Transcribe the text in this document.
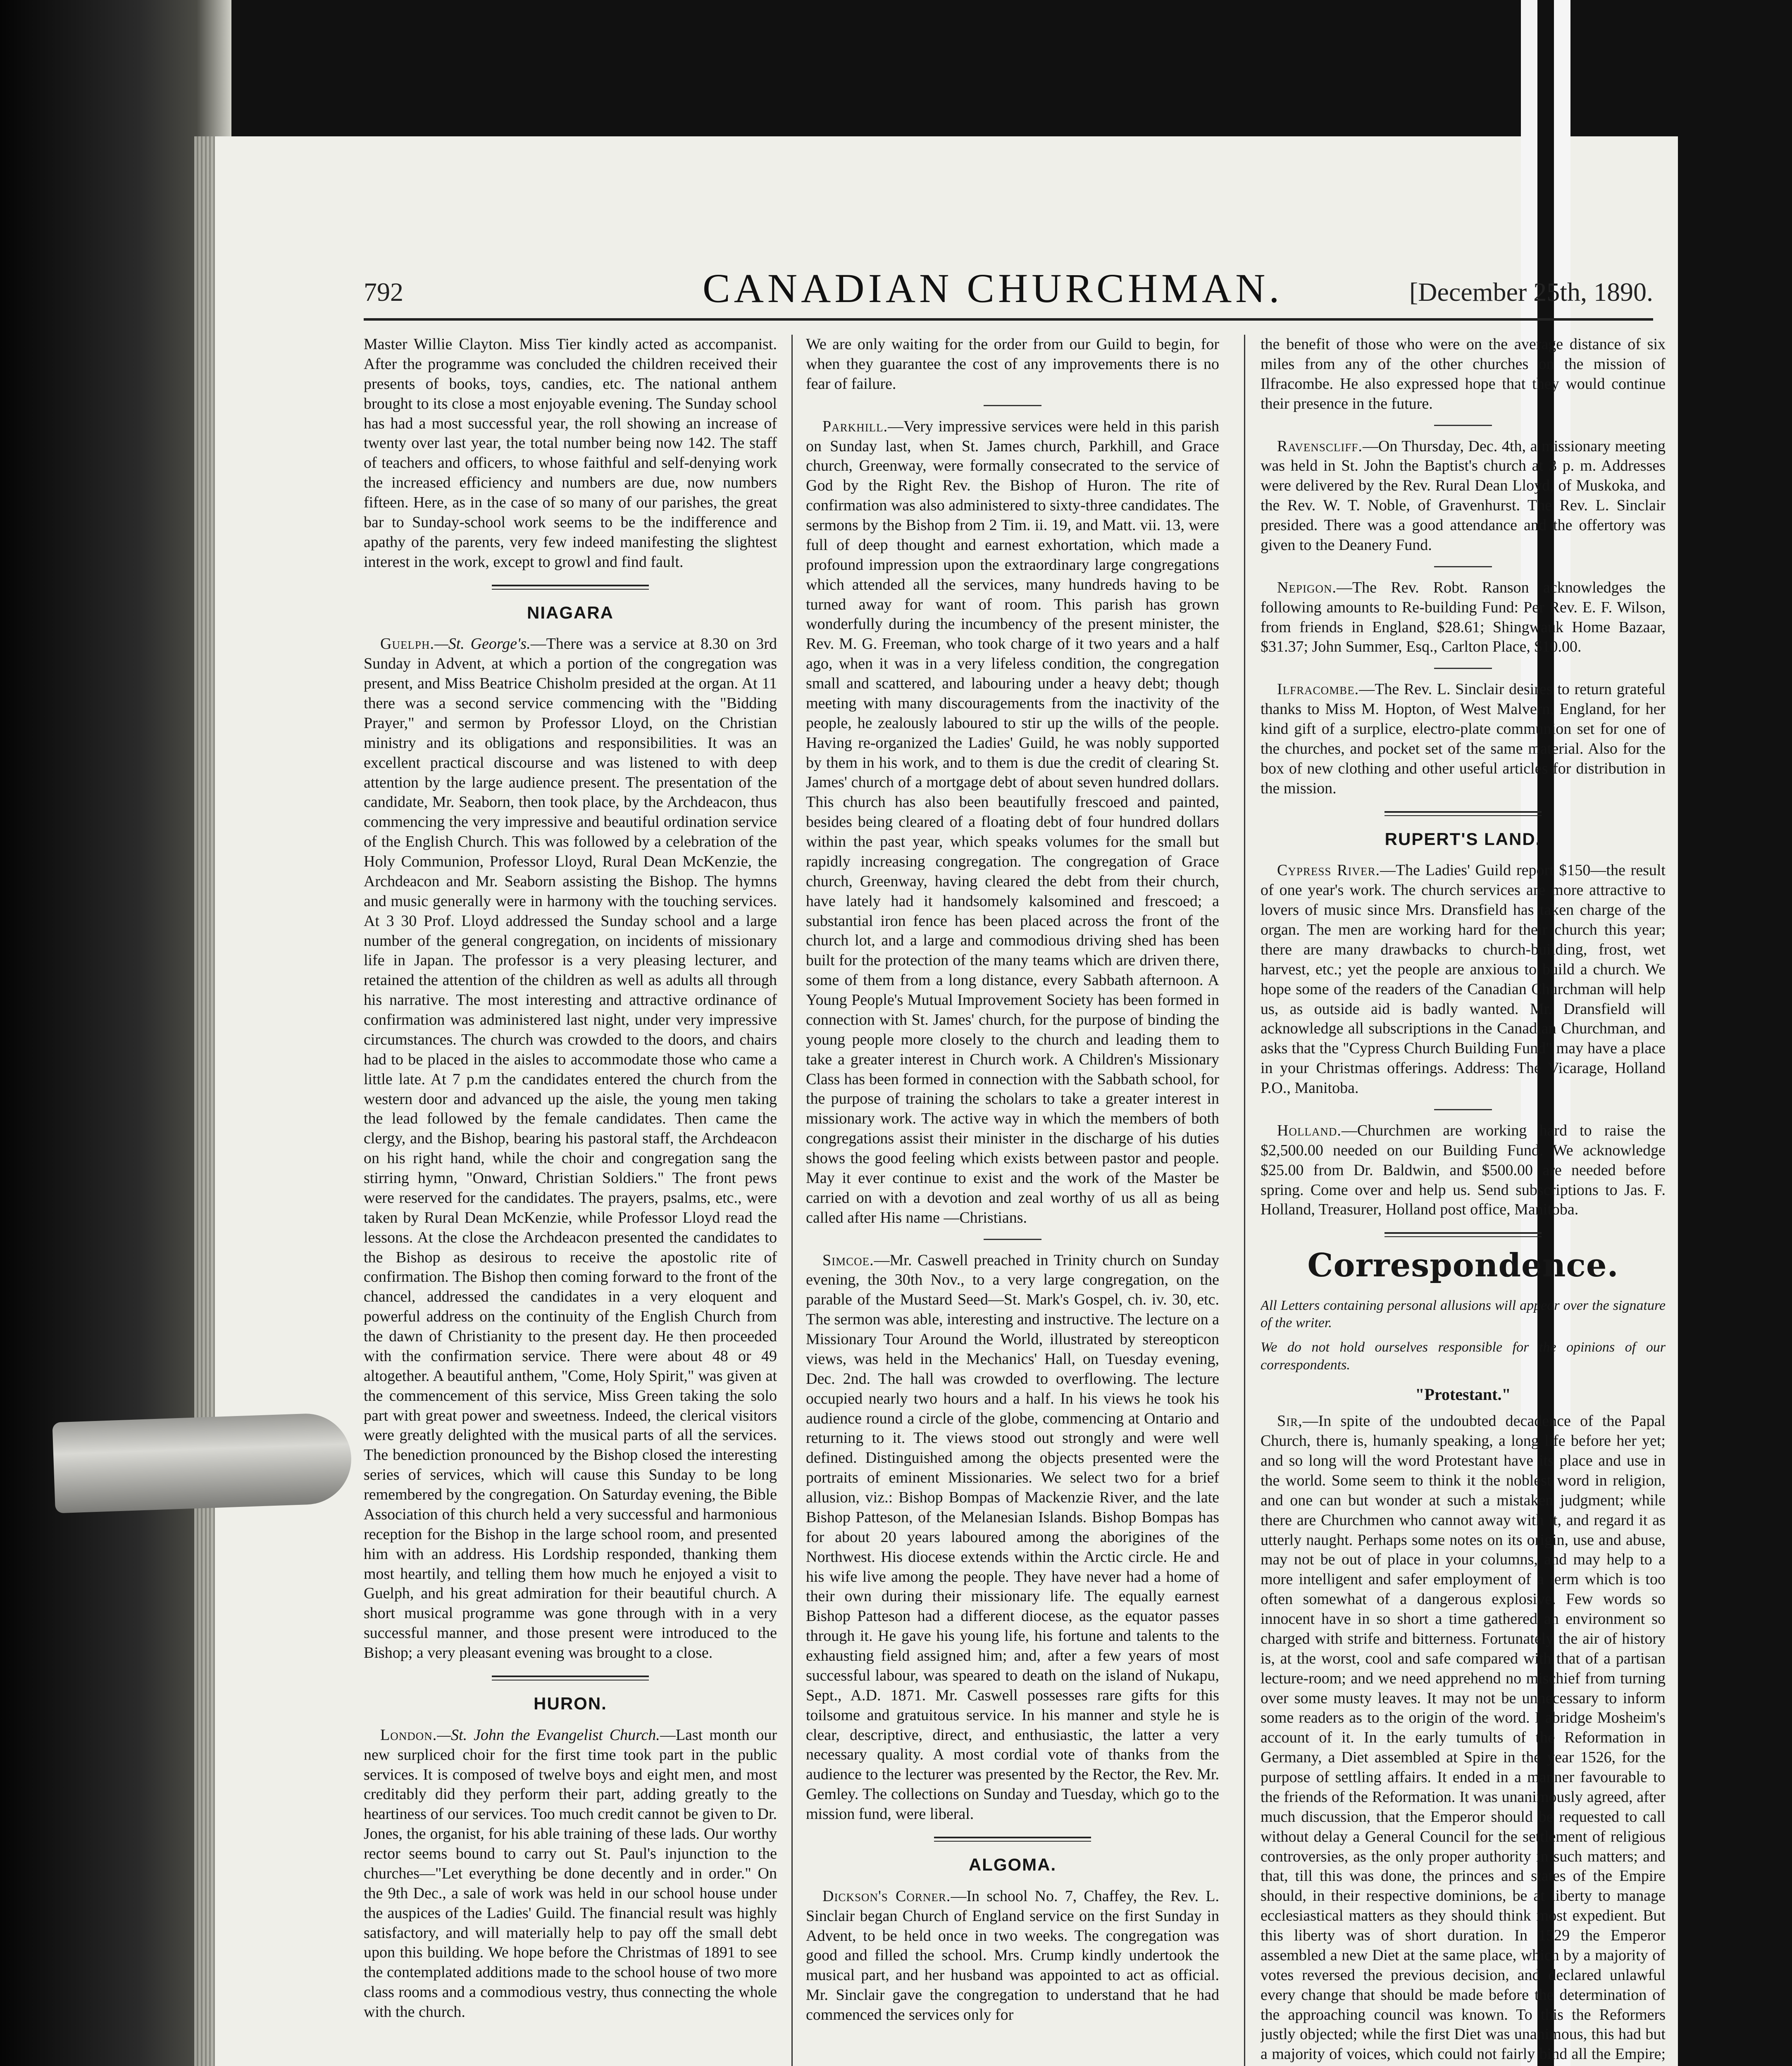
792	CANADIAN CHURCHMAN.	[December 25th, 1890.

Master Willie Clayton. Miss Tier kindly acted as accompanist. After the programme was concluded the children received their presents of books, toys, candies, etc. The national anthem brought to its close a most enjoyable evening. The Sunday school has had a most successful year, the roll showing an increase of twenty over last year, the total number being now 142. The staff of teachers and officers, to whose faithful and self-denying work the increased efficiency and numbers are due, now numbers fifteen. Here, as in the case of so many of our parishes, the great bar to Sunday-school work seems to be the indifference and apathy of the parents, very few indeed manifesting the slightest interest in the work, except to growl and find fault.

NIAGARA

Guelph.—St. George's.—There was a service at 8.30 on 3rd Sunday in Advent, at which a portion of the congregation was present, and Miss Beatrice Chisholm presided at the organ. At 11 there was a second service commencing with the "Bidding Prayer," and sermon by Professor Lloyd, on the Christian ministry and its obligations and responsibilities. It was an excellent practical discourse and was listened to with deep attention by the large audience present. The presentation of the candidate, Mr. Seaborn, then took place, by the Archdeacon, thus commencing the very impressive and beautiful ordination service of the English Church. This was followed by a celebration of the Holy Communion, Professor Lloyd, Rural Dean McKenzie, the Archdeacon and Mr. Seaborn assisting the Bishop. The hymns and music generally were in harmony with the touching services. At 3 30 Prof. Lloyd addressed the Sunday school and a large number of the general congregation, on incidents of missionary life in Japan. The professor is a very pleasing lecturer, and retained the attention of the children as well as adults all through his narrative. The most interesting and attractive ordinance of confirmation was administered last night, under very impressive circumstances. The church was crowded to the doors, and chairs had to be placed in the aisles to accommodate those who came a little late. At 7 p.m the candidates entered the church from the western door and advanced up the aisle, the young men taking the lead followed by the female candidates. Then came the clergy, and the Bishop, bearing his pastoral staff, the Archdeacon on his right hand, while the choir and congregation sang the stirring hymn, "Onward, Christian Soldiers." The front pews were reserved for the candidates. The prayers, psalms, etc., were taken by Rural Dean McKenzie, while Professor Lloyd read the lessons. At the close the Archdeacon presented the candidates to the Bishop as desirous to receive the apostolic rite of confirmation. The Bishop then coming forward to the front of the chancel, addressed the candidates in a very eloquent and powerful address on the continuity of the English Church from the dawn of Christianity to the present day. He then proceeded with the confirmation service. There were about 48 or 49 altogether. A beautiful anthem, "Come, Holy Spirit," was given at the commencement of this service, Miss Green taking the solo part with great power and sweetness. Indeed, the clerical visitors were greatly delighted with the musical parts of all the services. The benediction pronounced by the Bishop closed the interesting series of services, which will cause this Sunday to be long remembered by the congregation. On Saturday evening, the Bible Association of this church held a very successful and harmonious reception for the Bishop in the large school room, and presented him with an address. His Lordship responded, thanking them most heartily, and telling them how much he enjoyed a visit to Guelph, and his great admiration for their beautiful church. A short musical programme was gone through with in a very successful manner, and those present were introduced to the Bishop; a very pleasant evening was brought to a close.

HURON.

London.—St. John the Evangelist Church.—Last month our new surpliced choir for the first time took part in the public services. It is composed of twelve boys and eight men, and most creditably did they perform their part, adding greatly to the heartiness of our services. Too much credit cannot be given to Dr. Jones, the organist, for his able training of these lads. Our worthy rector seems bound to carry out St. Paul's injunction to the churches—"Let everything be done decently and in order." On the 9th Dec., a sale of work was held in our school house under the auspices of the Ladies' Guild. The financial result was highly satisfactory, and will materially help to pay off the small debt upon this building. We hope before the Christmas of 1891 to see the contemplated additions made to the school house of two more class rooms and a commodious vestry, thus connecting the whole with the church.

We are only waiting for the order from our Guild to begin, for when they guarantee the cost of any improvements there is no fear of failure.

Parkhill.—Very impressive services were held in this parish on Sunday last, when St. James church, Parkhill, and Grace church, Greenway, were formally consecrated to the service of God by the Right Rev. the Bishop of Huron. The rite of confirmation was also administered to sixty-three candidates. The sermons by the Bishop from 2 Tim. ii. 19, and Matt. vii. 13, were full of deep thought and earnest exhortation, which made a profound impression upon the extraordinary large congregations which attended all the services, many hundreds having to be turned away for want of room. This parish has grown wonderfully during the incumbency of the present minister, the Rev. M. G. Freeman, who took charge of it two years and a half ago, when it was in a very lifeless condition, the congregation small and scattered, and labouring under a heavy debt; though meeting with many discouragements from the inactivity of the people, he zealously laboured to stir up the wills of the people. Having re-organized the Ladies' Guild, he was nobly supported by them in his work, and to them is due the credit of clearing St. James' church of a mortgage debt of about seven hundred dollars. This church has also been beautifully frescoed and painted, besides being cleared of a floating debt of four hundred dollars within the past year, which speaks volumes for the small but rapidly increasing congregation. The congregation of Grace church, Greenway, having cleared the debt from their church, have lately had it handsomely kalsomined and frescoed; a substantial iron fence has been placed across the front of the church lot, and a large and commodious driving shed has been built for the protection of the many teams which are driven there, some of them from a long distance, every Sabbath afternoon. A Young People's Mutual Improvement Society has been formed in connection with St. James' church, for the purpose of binding the young people more closely to the church and leading them to take a greater interest in Church work. A Children's Missionary Class has been formed in connection with the Sabbath school, for the purpose of training the scholars to take a greater interest in missionary work. The active way in which the members of both congregations assist their minister in the discharge of his duties shows the good feeling which exists between pastor and people. May it ever continue to exist and the work of the Master be carried on with a devotion and zeal worthy of us all as being called after His name —Christians.

Simcoe.—Mr. Caswell preached in Trinity church on Sunday evening, the 30th Nov., to a very large congregation, on the parable of the Mustard Seed—St. Mark's Gospel, ch. iv. 30, etc. The sermon was able, interesting and instructive. The lecture on a Missionary Tour Around the World, illustrated by stereopticon views, was held in the Mechanics' Hall, on Tuesday evening, Dec. 2nd. The hall was crowded to overflowing. The lecture occupied nearly two hours and a half. In his views he took his audience round a circle of the globe, commencing at Ontario and returning to it. The views stood out strongly and were well defined. Distinguished among the objects presented were the portraits of eminent Missionaries. We select two for a brief allusion, viz.: Bishop Bompas of Mackenzie River, and the late Bishop Patteson, of the Melanesian Islands. Bishop Bompas has for about 20 years laboured among the aborigines of the Northwest. His diocese extends within the Arctic circle. He and his wife live among the people. They have never had a home of their own during their missionary life. The equally earnest Bishop Patteson had a different diocese, as the equator passes through it. He gave his young life, his fortune and talents to the exhausting field assigned him; and, after a few years of most successful labour, was speared to death on the island of Nukapu, Sept., A.D. 1871. Mr. Caswell possesses rare gifts for this toilsome and gratuitous service. In his manner and style he is clear, descriptive, direct, and enthusiastic, the latter a very necessary quality. A most cordial vote of thanks from the audience to the lecturer was presented by the Rector, the Rev. Mr. Gemley. The collections on Sunday and Tuesday, which go to the mission fund, were liberal.

ALGOMA.

Dickson's Corner.—In school No. 7, Chaffey, the Rev. L. Sinclair began Church of England service on the first Sunday in Advent, to be held once in two weeks. The congregation was good and filled the school. Mrs. Crump kindly undertook the musical part, and her husband was appointed to act as official. Mr. Sinclair gave the congregation to understand that he had commenced the services only for

the benefit of those who were on the average distance of six miles from any of the other churches on the mission of Ilfracombe. He also expressed hope that they would continue their presence in the future.

Ravenscliff.—On Thursday, Dec. 4th, a missionary meeting was held in St. John the Baptist's church at 3 p. m. Addresses were delivered by the Rev. Rural Dean Lloyd, of Muskoka, and the Rev. W. T. Noble, of Gravenhurst. The Rev. L. Sinclair presided. There was a good attendance and the offertory was given to the Deanery Fund.

Nepigon.—The Rev. Robt. Ranson acknowledges the following amounts to Re-building Fund: Per Rev. E. F. Wilson, from friends in England, $28.61; Shingwauk Home Bazaar, $31.37; John Summer, Esq., Carlton Place, $10.00.

Ilfracombe.—The Rev. L. Sinclair desires to return grateful thanks to Miss M. Hopton, of West Malvern, England, for her kind gift of a surplice, electro-plate communion set for one of the churches, and pocket set of the same material. Also for the box of new clothing and other useful articles for distribution in the mission.

RUPERT'S LAND.

Cypress River.—The Ladies' Guild report $150—the result of one year's work. The church services are more attractive to lovers of music since Mrs. Dransfield has taken charge of the organ. The men are working hard for their church this year; there are many drawbacks to church-building, frost, wet harvest, etc.; yet the people are anxious to build a church. We hope some of the readers of the Canadian Churchman will help us, as outside aid is badly wanted. Mr. Dransfield will acknowledge all subscriptions in the Canadian Churchman, and asks that the "Cypress Church Building Fund" may have a place in your Christmas offerings. Address: The Vicarage, Holland P.O., Manitoba.

Holland.—Churchmen are working hard to raise the $2,500.00 needed on our Building Fund. We acknowledge $25.00 from Dr. Baldwin, and $500.00 are needed before spring. Come over and help us. Send subscriptions to Jas. F. Holland, Treasurer, Holland post office, Manitoba.

Correspondence.

All Letters containing personal allusions will appear over the signature of the writer.

We do not hold ourselves responsible for the opinions of our correspondents.

"Protestant."

Sir,—In spite of the undoubted decadence of the Papal Church, there is, humanly speaking, a long life before her yet; and so long will the word Protestant have its place and use in the world. Some seem to think it the noblest word in religion, and one can but wonder at such a mistaken judgment; while there are Churchmen who cannot away with it, and regard it as utterly naught. Perhaps some notes on its origin, use and abuse, may not be out of place in your columns, and may help to a more intelligent and safer employment of a term which is too often somewhat of a dangerous explosive. Few words so innocent have in so short a time gathered an environment so charged with strife and bitterness. Fortunately the air of history is, at the worst, cool and safe compared with that of a partisan lecture-room; and we need apprehend no mischief from turning over some musty leaves. It may not be unnecessary to inform some readers as to the origin of the word. I abridge Mosheim's account of it. In the early tumults of the Reformation in Germany, a Diet assembled at Spire in the year 1526, for the purpose of settling affairs. It ended in a manner favourable to the friends of the Reformation. It was unanimously agreed, after much discussion, that the Emperor should be requested to call without delay a General Council for the settlement of religious controversies, as the only proper authority in such matters; and that, till this was done, the princes and states of the Empire should, in their respective dominions, be at liberty to manage ecclesiastical matters as they should think most expedient. But this liberty was of short duration. In 1529 the Emperor assembled a new Diet at the same place, which by a majority of votes reversed the previous decision, and declared unlawful every change that should be made before the determination of the approaching council was known. To this the Reformers justly objected; while the first Diet was unanimous, this had but a majority of voices, which could not fairly bind all the Empire;
